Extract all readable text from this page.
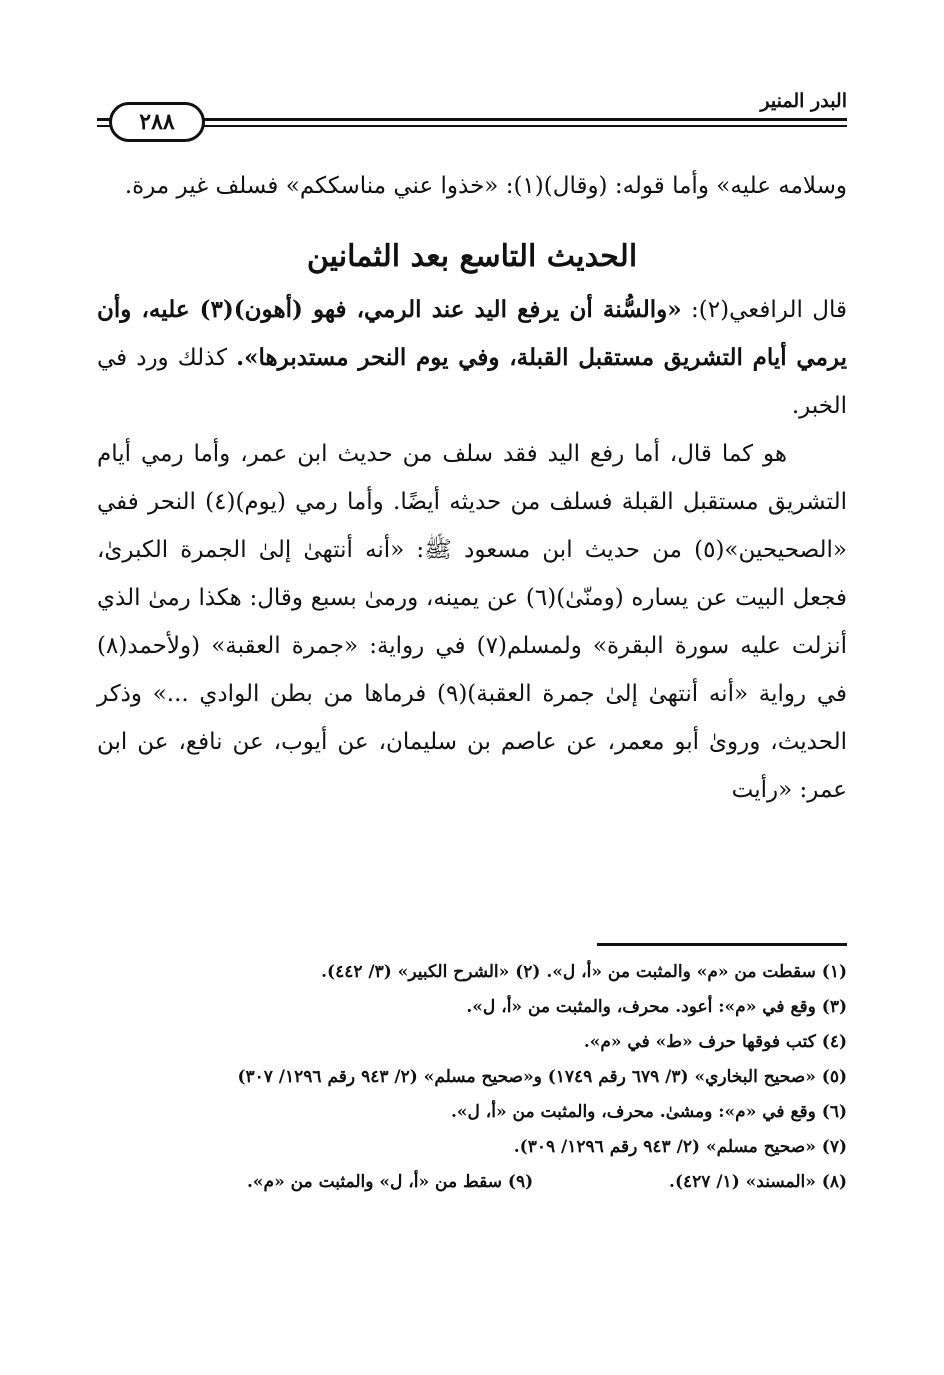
البدر المنير
٢٨٨

وسلامه عليه» وأما قوله: (وقال)(١): «خذوا عني مناسككم» فسلف غير مرة.

الحديث التاسع بعد الثمانين

قال الرافعي(٢): «والسُّنة أن يرفع اليد عند الرمي، فهو (أهون)(٣) عليه، وأن يرمي أيام التشريق مستقبل القبلة، وفي يوم النحر مستدبرها». كذلك ورد في الخبر.

هو كما قال، أما رفع اليد فقد سلف من حديث ابن عمر، وأما رمي أيام التشريق مستقبل القبلة فسلف من حديثه أيضًا. وأما رمي (يوم)(٤) النحر ففي «الصحيحين»(٥) من حديث ابن مسعود ﷺ: «أنه أنتهىٰ إلىٰ الجمرة الكبرىٰ، فجعل البيت عن يساره (ومنّىٰ)(٦) عن يمينه، ورمىٰ بسبع وقال: هكذا رمىٰ الذي أنزلت عليه سورة البقرة» ولمسلم(٧) في رواية: «جمرة العقبة» (ولأحمد(٨) في رواية «أنه أنتهىٰ إلىٰ جمرة العقبة)(٩) فرماها من بطن الوادي ...» وذكر الحديث، وروىٰ أبو معمر، عن عاصم بن سليمان، عن أيوب، عن نافع، عن ابن عمر: «رأيت

(١) سقطت من «م» والمثبت من «أ، ل». (٢) «الشرح الكبير» (٣/ ٤٤٢).

(٣) وقع في «م»: أعود. محرف، والمثبت من «أ، ل».

(٤) كتب فوقها حرف «ط» في «م».

(٥) «صحيح البخاري» (٣/ ٦٧٩ رقم ١٧٤٩) و«صحيح مسلم» (٢/ ٩٤٣ رقم ١٢٩٦/ ٣٠٧)

(٦) وقع في «م»: ومشىٰ. محرف، والمثبت من «أ، ل».

(٧) «صحيح مسلم» (٢/ ٩٤٣ رقم ١٢٩٦/ ٣٠٩).

(٨) «المسند» (١/ ٤٢٧).
(٩) سقط من «أ، ل» والمثبت من «م».
